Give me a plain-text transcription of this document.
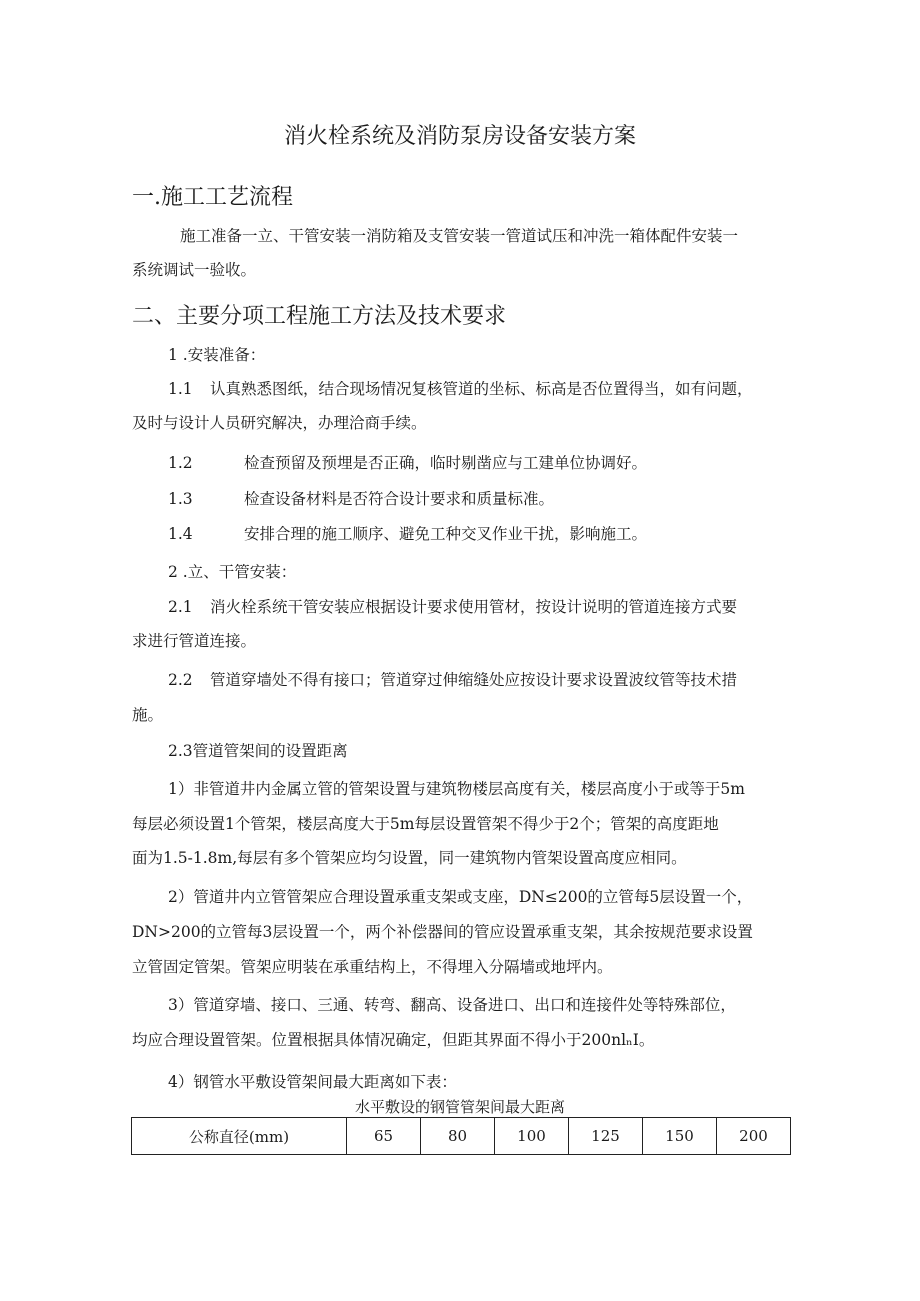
消火栓系统及消防泵房设备安装方案
一.施工工艺流程
施工准备一立、干管安装一消防箱及支管安装一管道试压和冲洗一箱体配件安装一
系统调试一验收。
二、主要分项工程施工方法及技术要求
1 .安装准备：
1.1 认真熟悉图纸，结合现场情况复核管道的坐标、标高是否位置得当，如有问题，
及时与设计人员研究解决，办理洽商手续。
1.2	检查预留及预埋是否正确，临时剔凿应与工建单位协调好。
1.3	检查设备材料是否符合设计要求和质量标准。
1.4	安排合理的施工顺序、避免工种交叉作业干扰，影响施工。
2 .立、干管安装：
2.1 消火栓系统干管安装应根据设计要求使用管材，按设计说明的管道连接方式要
求进行管道连接。
2.2 管道穿墙处不得有接口；管道穿过伸缩缝处应按设计要求设置波纹管等技术措
施。
2.3管道管架间的设置距离
1）非管道井内金属立管的管架设置与建筑物楼层高度有关，楼层高度小于或等于5m
每层必须设置1个管架，楼层高度大于5m每层设置管架不得少于2个；管架的高度距地
面为1.5-1.8m,每层有多个管架应均匀设置，同一建筑物内管架设置高度应相同。
2）管道井内立管管架应合理设置承重支架或支座，DN≤200的立管每5层设置一个，
DN>200的立管每3层设置一个，两个补偿器间的管应设置承重支架，其余按规范要求设置
立管固定管架。管架应明装在承重结构上，不得埋入分隔墙或地坪内。
3）管道穿墙、接口、三通、转弯、翻高、设备进口、出口和连接件处等特殊部位，
均应合理设置管架。位置根据具体情况确定，但距其界面不得小于200nlₙI。
4）钢管水平敷设管架间最大距离如下表：
水平敷设的钢管管架间最大距离
公称直径(mm)	65	80	100	125	150	200
